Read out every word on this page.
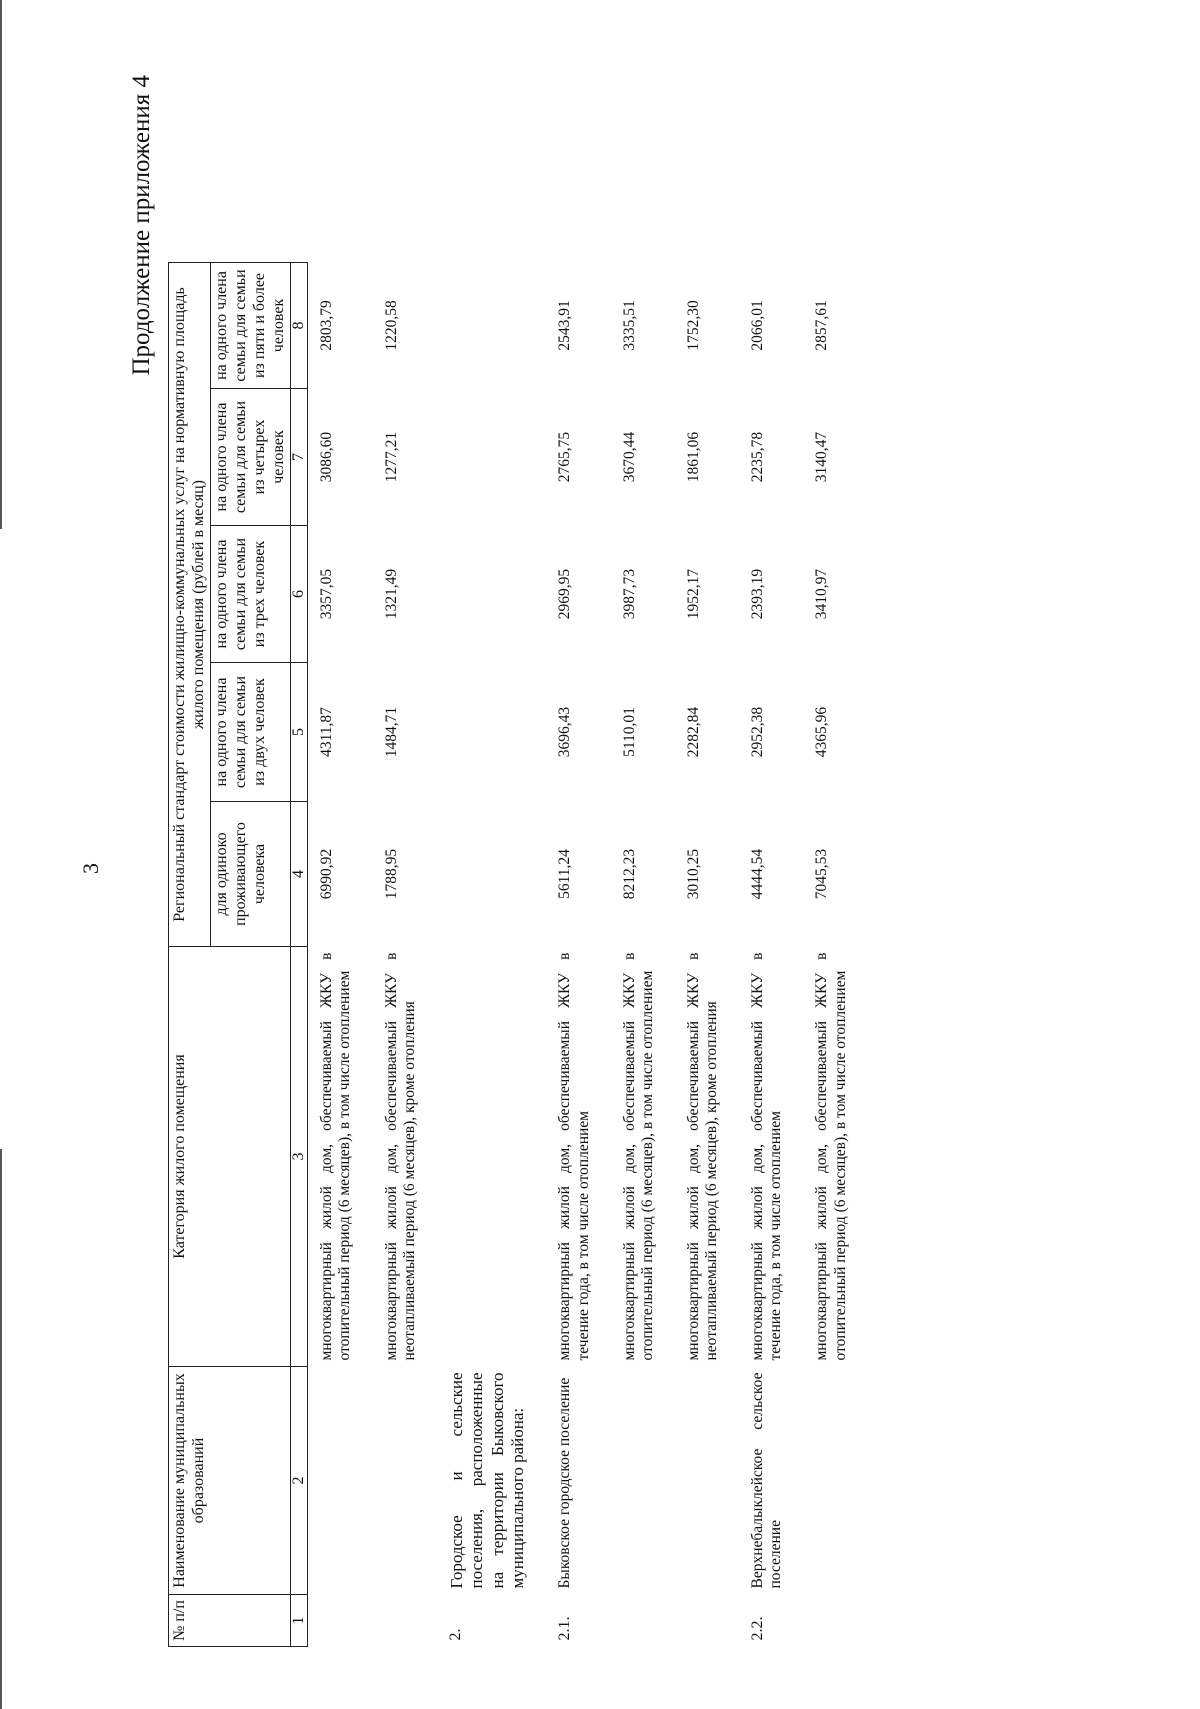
3
Продолжение приложения 4
№ п/п	Наименование муниципальных образований	Категория жилого помещения	Региональный стандарт стоимости жилищно-коммунальных услуг на нормативную площадь жилого помещения (рублей в месяц)					
			для одиноко проживающего человека	на одного члена семьи для семьи из двух человек	на одного члена семьи для семьи из трех человек	на одного члена семьи для семьи из четырех человек	на одного члена семьи для семьи из пяти и более человек	
1	2	3	4	5	6	7	8	
		многоквартирный жилой дом, обеспечиваемый ЖКУ в отопительный период (6 месяцев), в том числе отоплением	6990,92	4311,87	3357,05	3086,60	2803,79	
		многоквартирный жилой дом, обеспечиваемый ЖКУ в неотапливаемый период (6 месяцев), кроме отопления	1788,95	1484,71	1321,49	1277,21	1220,58	
2.	Городское и сельские поселения, расположенные на территории Быковского муниципального района:							
2.1.	Быковское городское поселение	многоквартирный жилой дом, обеспечиваемый ЖКУ в течение года, в том числе отоплением	5611,24	3696,43	2969,95	2765,75	2543,91	
		многоквартирный жилой дом, обеспечиваемый ЖКУ в отопительный период (6 месяцев), в том числе отоплением	8212,23	5110,01	3987,73	3670,44	3335,51	
		многоквартирный жилой дом, обеспечиваемый ЖКУ в неотапливаемый период (6 месяцев), кроме отопления	3010,25	2282,84	1952,17	1861,06	1752,30	
2.2.	Верхнебалыклейское сельское поселение	многоквартирный жилой дом, обеспечиваемый ЖКУ в течение года, в том числе отоплением	4444,54	2952,38	2393,19	2235,78	2066,01	
		многоквартирный жилой дом, обеспечиваемый ЖКУ в отопительный период (6 месяцев), в том числе отоплением	7045,53	4365,96	3410,97	3140,47	2857,61	
